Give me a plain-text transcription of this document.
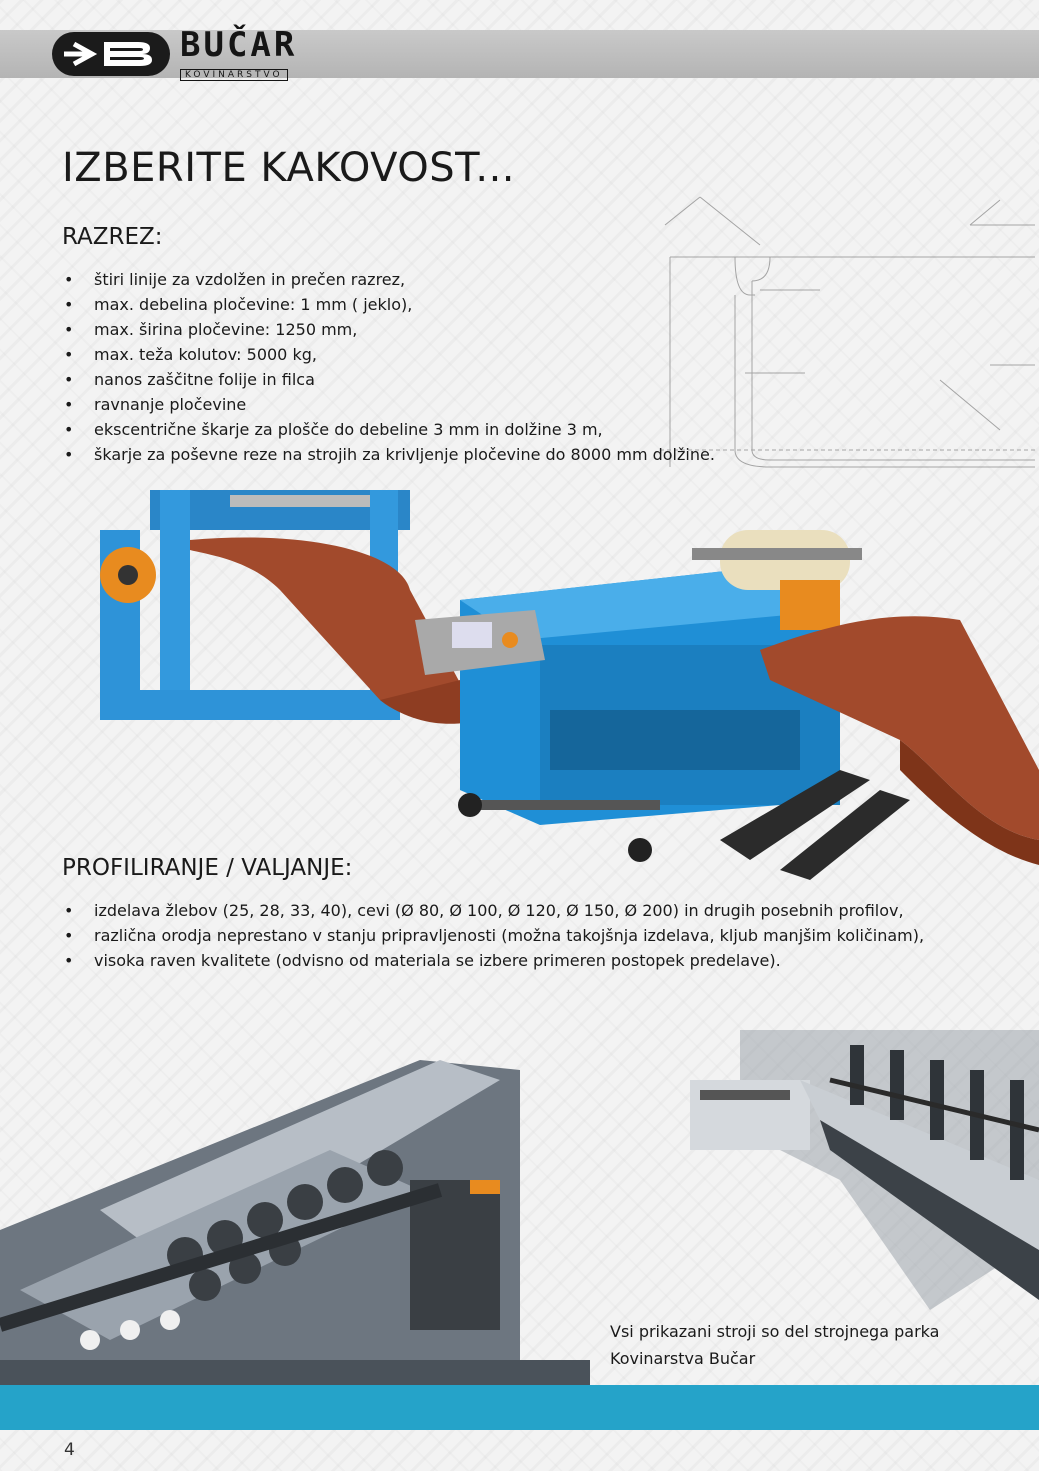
BUČAR
KOVINARSTVO
IZBERITE KAKOVOST...
RAZREZ:
• štiri linije za vzdolžen in prečen razrez,
• max. debelina pločevine: 1 mm ( jeklo),
• max. širina pločevine: 1250 mm,
• max. teža kolutov: 5000 kg,
• nanos zaščitne folije in filca
• ravnanje pločevine
• ekscentrične škarje za plošče do debeline 3 mm in dolžine 3 m,
• škarje za poševne reze na strojih za krivljenje pločevine do 8000 mm dolžine.
PROFILIRANJE / VALJANJE:
• izdelava žlebov (25, 28, 33, 40), cevi (Ø 80, Ø 100, Ø 120, Ø 150, Ø 200) in drugih posebnih profilov,
• različna orodja neprestano v stanju pripravljenosti (možna takojšnja izdelava, kljub manjšim količinam),
• visoka raven kvalitete (odvisno od materiala se izbere primeren postopek predelave).
Vsi prikazani stroji so del strojnega parka
Kovinarstva Bučar
4
